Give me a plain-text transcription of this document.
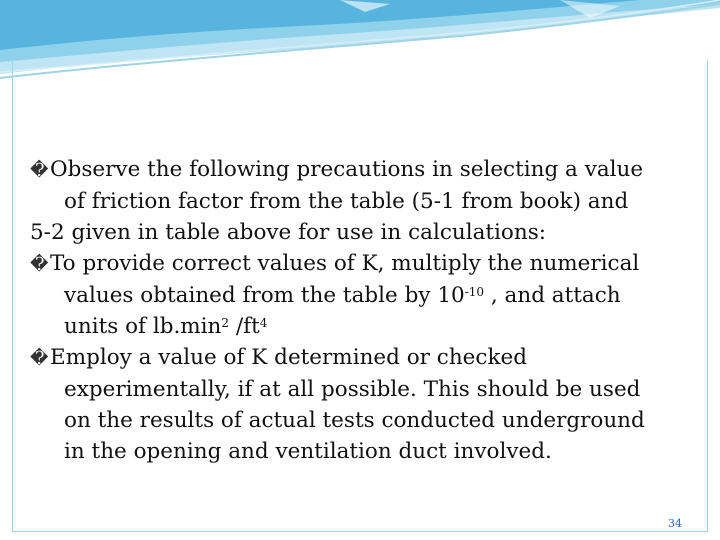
�Observe the following precautions in selecting a value
of friction factor from the table (5-1 from book) and

5-2 given in table above for use in calculations:

�To provide correct values of K, multiply the numerical
values obtained from the table by $10^{-10}$ , and attach
units of $lb.\min^2$ $/ft^4$

�Employ a value of K determined or checked
experimentally, if at all possible. This should be used
on the results of actual tests conducted underground
in the opening and ventilation duct involved.

34
